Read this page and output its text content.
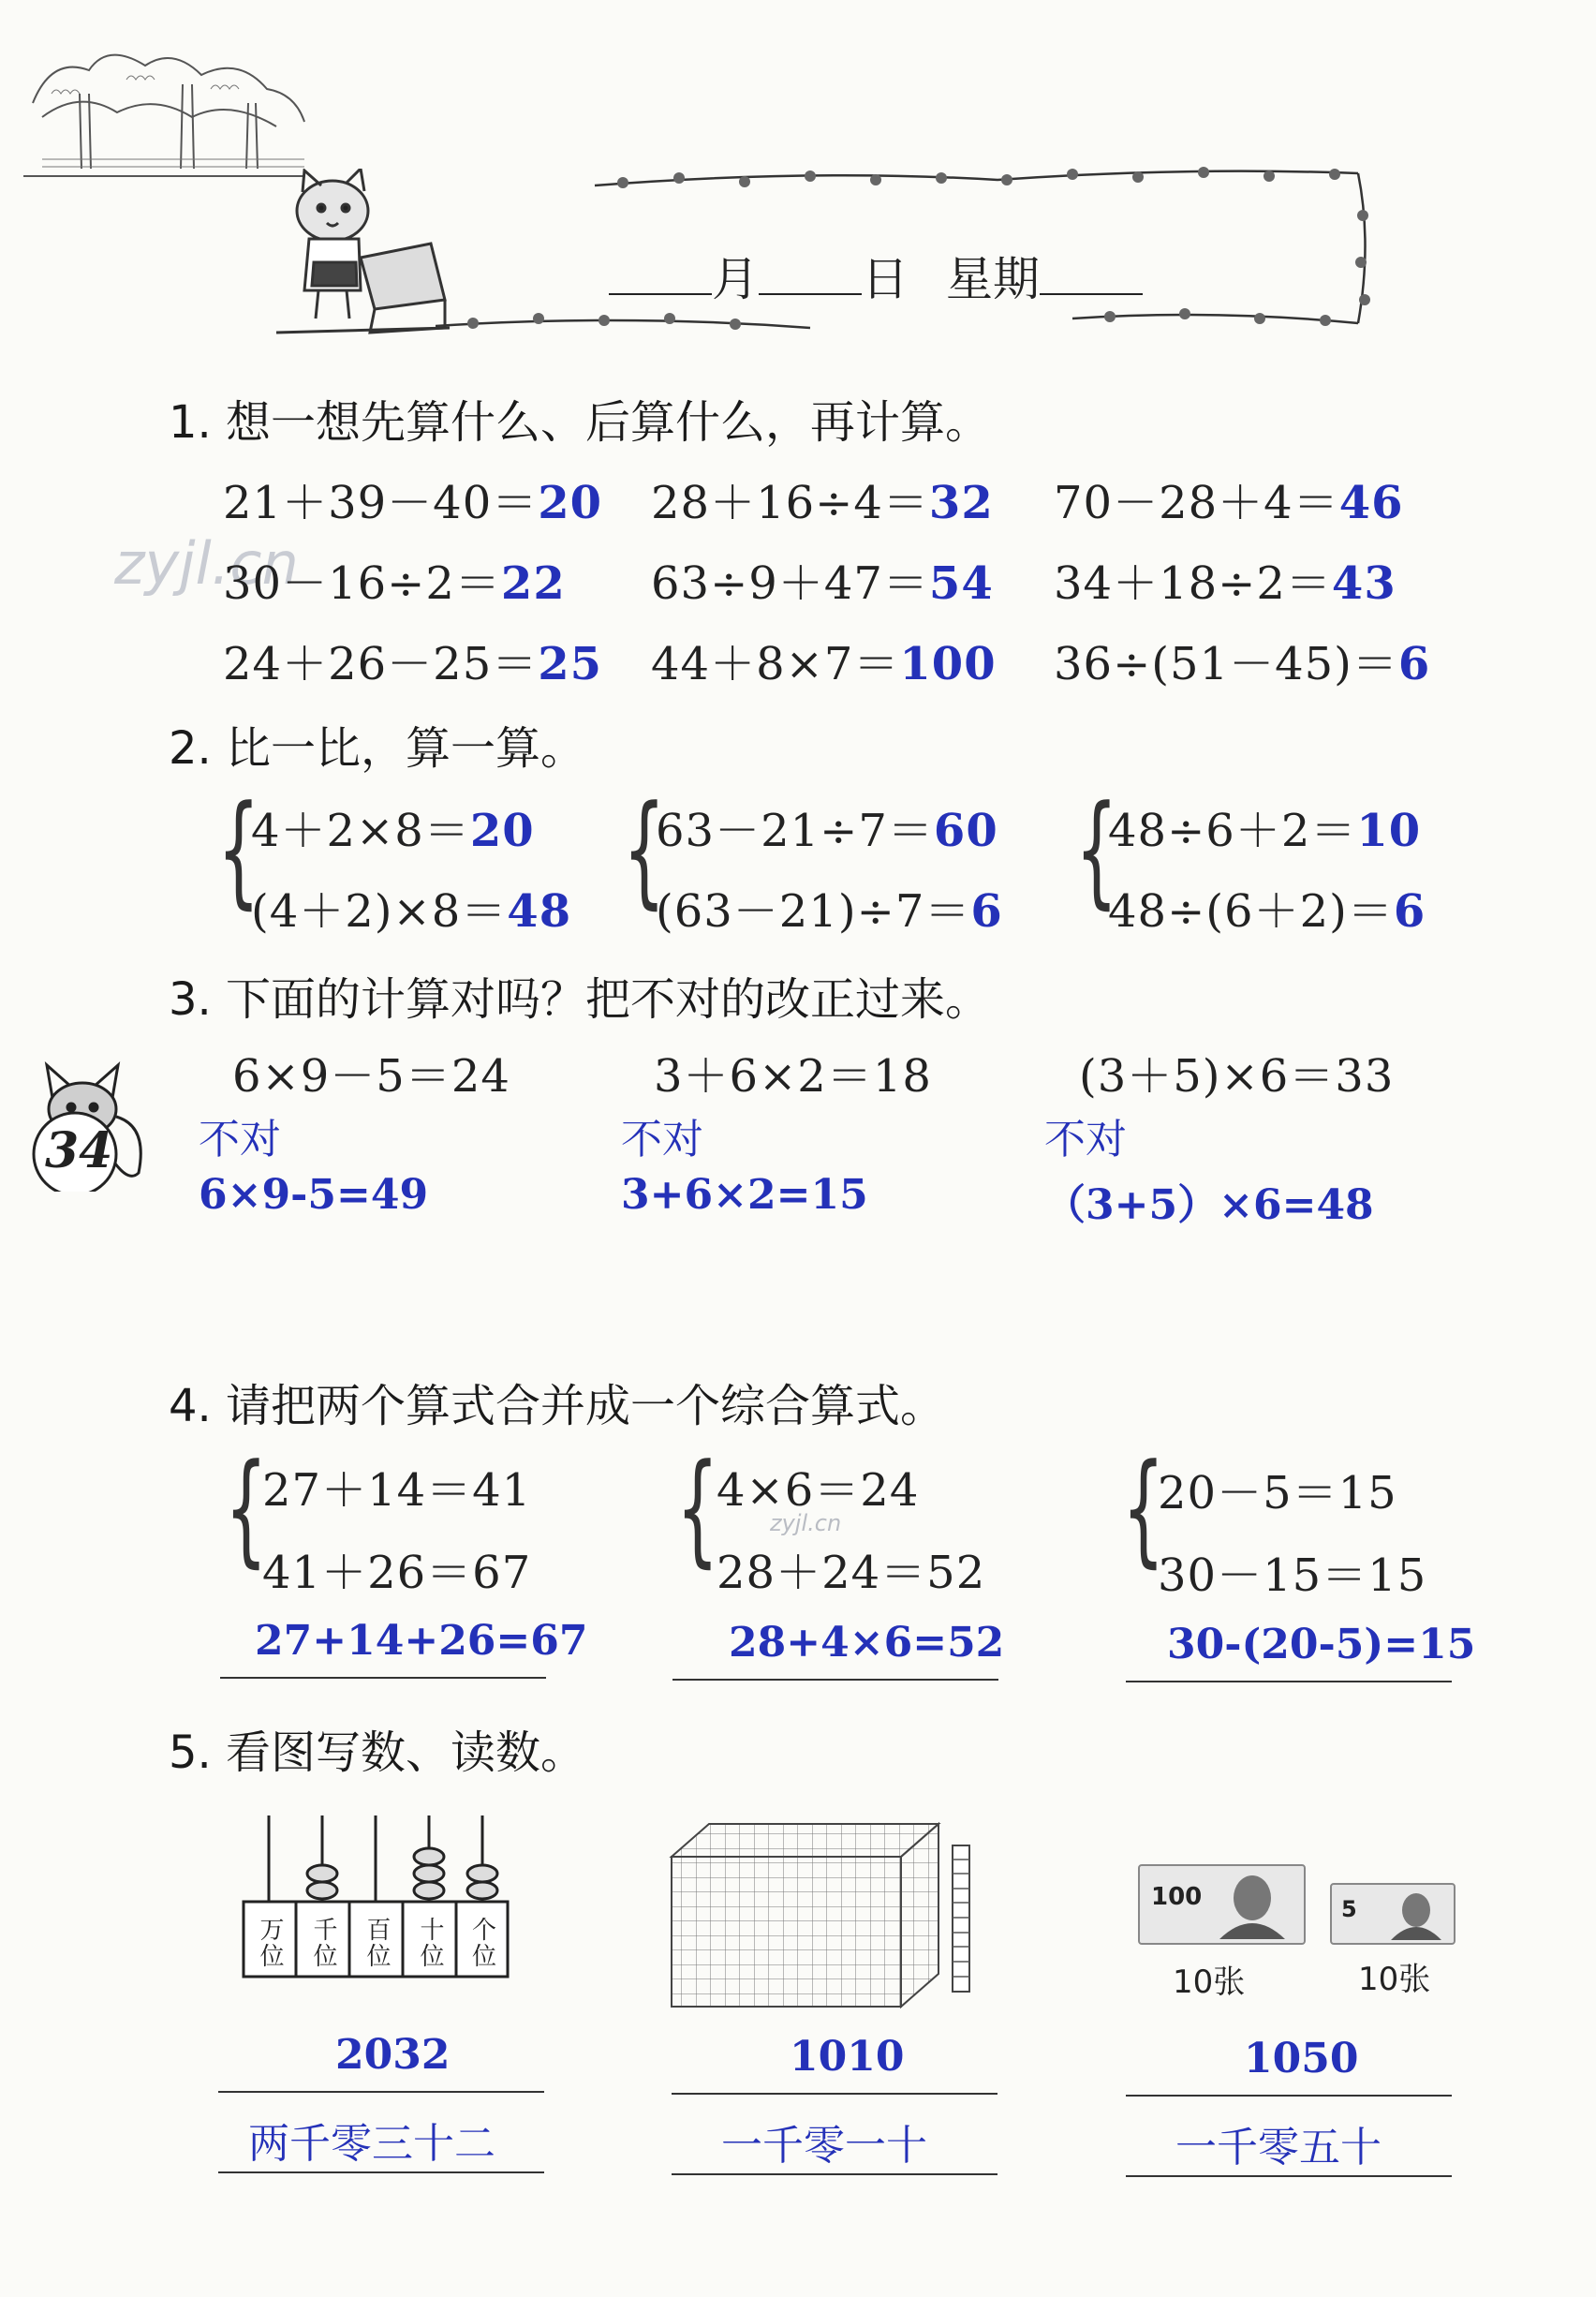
月 日 星期
zyjl.cn
1. 想一想先算什么、后算什么，再计算。
21＋39－40＝20 28＋16÷4＝32 70－28＋4＝46
30－16÷2＝22 63÷9＋47＝54 34＋18÷2＝43
24＋26－25＝25 44＋8×7＝100 36÷(51－45)＝6
2. 比一比，算一算。
{
4＋2×8＝20
(4＋2)×8＝48 {
63－21÷7＝60
(63－21)÷7＝6 {
48÷6＋2＝10
48÷(6＋2)＝6
3. 下面的计算对吗？把不对的改正过来。
6×9－5＝24	3＋6×2＝18	(3＋5)×6＝33
不对	不对	不对
6×9-5=49	3+6×2=15	（3+5）×6=48
34
4. 请把两个算式合并成一个综合算式。
{
27＋14＝41
41＋26＝67
27+14+26=67
{
4×6＝24
28＋24＝52
zyjl.cn
28+4×6=52
{
20－5＝15
30－15＝15
30-(20-5)=15
5. 看图写数、读数。
万位	千位	百位	十位 个位
100	5
10张	10张
2032
两千零三十二
1010
一千零一十
1050
一千零五十
